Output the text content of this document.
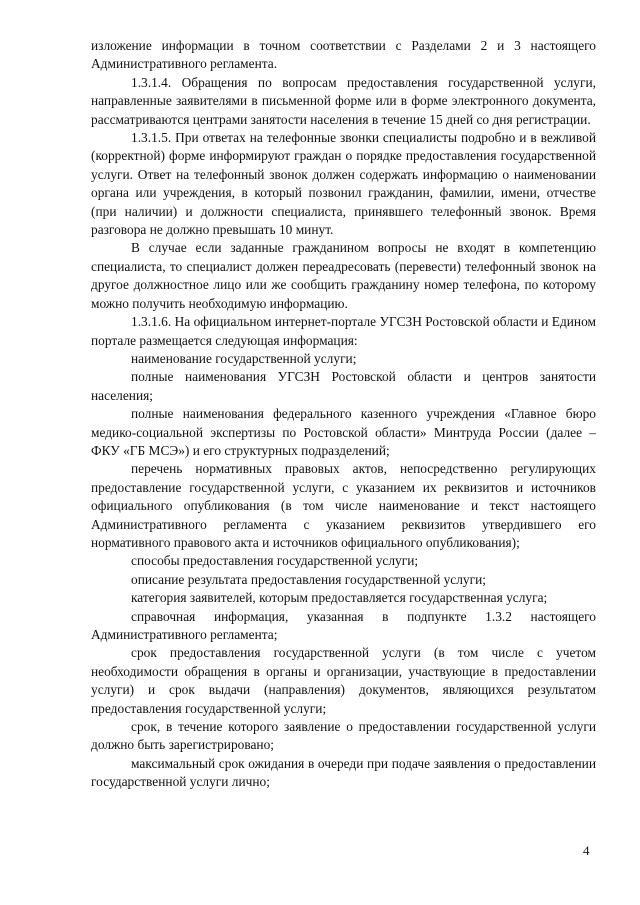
изложение информации в точном соответствии с Разделами 2 и 3 настоящего Административного регламента.

1.3.1.4. Обращения по вопросам предоставления государственной услуги, направленные заявителями в письменной форме или в форме электронного документа, рассматриваются центрами занятости населения в течение 15 дней со дня регистрации.

1.3.1.5. При ответах на телефонные звонки специалисты подробно и в вежливой (корректной) форме информируют граждан о порядке предоставления государственной услуги. Ответ на телефонный звонок должен содержать информацию о наименовании органа или учреждения, в который позвонил гражданин, фамилии, имени, отчестве (при наличии) и должности специалиста, принявшего телефонный звонок. Время разговора не должно превышать 10 минут.

В случае если заданные гражданином вопросы не входят в компетенцию специалиста, то специалист должен переадресовать (перевести) телефонный звонок на другое должностное лицо или же сообщить гражданину номер телефона, по которому можно получить необходимую информацию.

1.3.1.6. На официальном интернет-портале УГСЗН Ростовской области и Едином портале размещается следующая информация:

наименование государственной услуги;

полные наименования УГСЗН Ростовской области и центров занятости населения;

полные наименования федерального казенного учреждения «Главное бюро медико-социальной экспертизы по Ростовской области» Минтруда России (далее – ФКУ «ГБ МСЭ») и его структурных подразделений;

перечень нормативных правовых актов, непосредственно регулирующих предоставление государственной услуги, с указанием их реквизитов и источников официального опубликования (в том числе наименование и текст настоящего Административного регламента с указанием реквизитов утвердившего его нормативного правового акта и источников официального опубликования);

способы предоставления государственной услуги;

описание результата предоставления государственной услуги;

категория заявителей, которым предоставляется государственная услуга;

справочная информация, указанная в подпункте 1.3.2 настоящего Административного регламента;

срок предоставления государственной услуги (в том числе с учетом необходимости обращения в органы и организации, участвующие в предоставлении услуги) и срок выдачи (направления) документов, являющихся результатом предоставления государственной услуги;

срок, в течение которого заявление о предоставлении государственной услуги должно быть зарегистрировано;

максимальный срок ожидания в очереди при подаче заявления о предоставлении государственной услуги лично;

4
